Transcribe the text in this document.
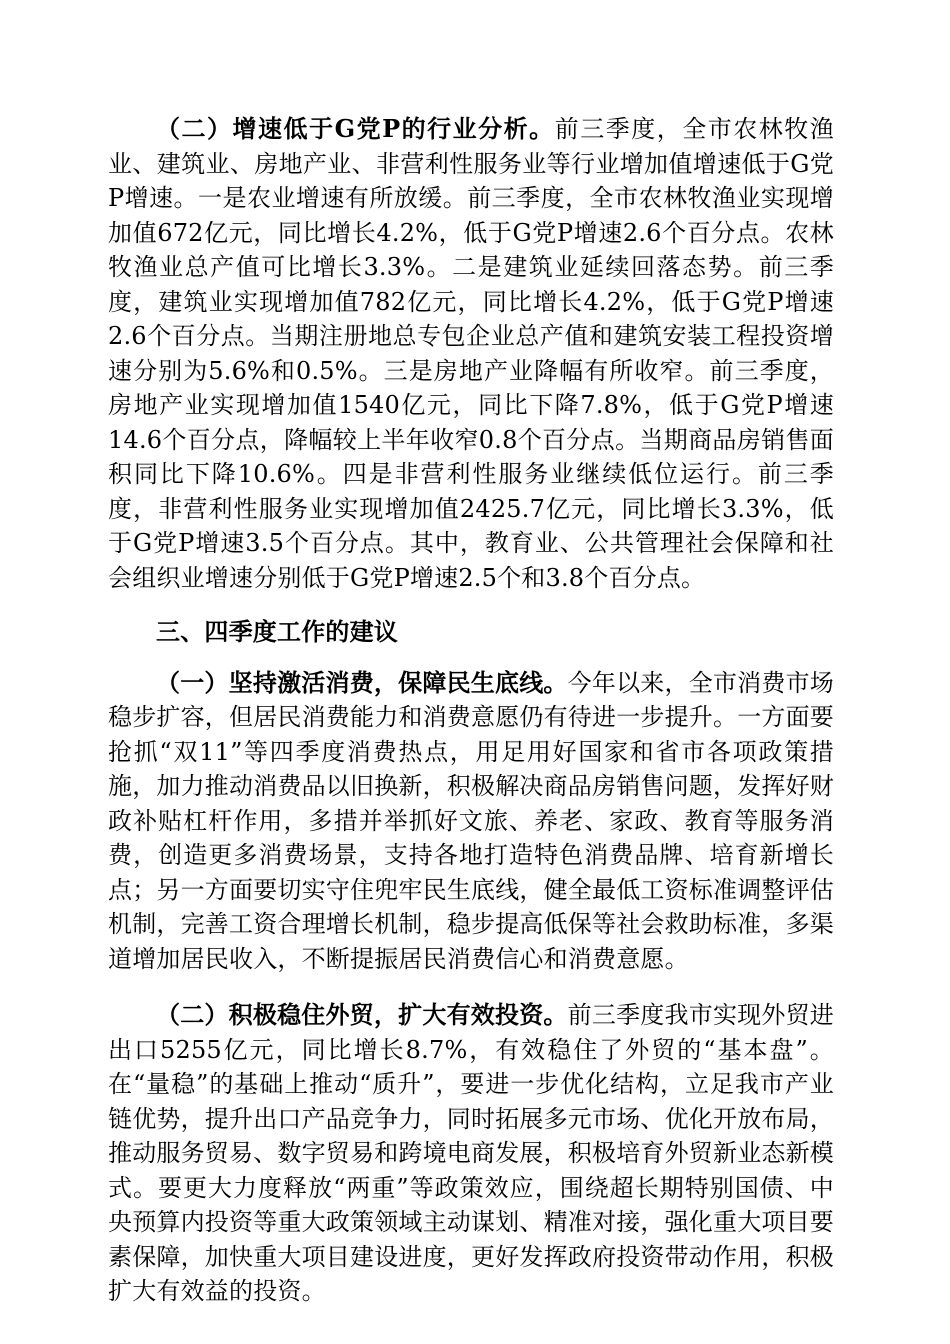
（二）增速低于G党P的行业分析。前三季度，全市农林牧渔业、建筑业、房地产业、非营利性服务业等行业增加值增速低于G党P增速。一是农业增速有所放缓。前三季度，全市农林牧渔业实现增加值672亿元，同比增长4.2%，低于G党P增速2.6个百分点。农林牧渔业总产值可比增长3.3%。二是建筑业延续回落态势。前三季度，建筑业实现增加值782亿元，同比增长4.2%，低于G党P增速2.6个百分点。当期注册地总专包企业总产值和建筑安装工程投资增速分别为5.6%和0.5%。三是房地产业降幅有所收窄。前三季度，房地产业实现增加值1540亿元，同比下降7.8%，低于G党P增速14.6个百分点，降幅较上半年收窄0.8个百分点。当期商品房销售面积同比下降10.6%。四是非营利性服务业继续低位运行。前三季度，非营利性服务业实现增加值2425.7亿元，同比增长3.3%，低于G党P增速3.5个百分点。其中，教育业、公共管理社会保障和社会组织业增速分别低于G党P增速2.5个和3.8个百分点。

三、四季度工作的建议

（一）坚持激活消费，保障民生底线。今年以来，全市消费市场稳步扩容，但居民消费能力和消费意愿仍有待进一步提升。一方面要抢抓“双11”等四季度消费热点，用足用好国家和省市各项政策措施，加力推动消费品以旧换新，积极解决商品房销售问题，发挥好财政补贴杠杆作用，多措并举抓好文旅、养老、家政、教育等服务消费，创造更多消费场景，支持各地打造特色消费品牌、培育新增长点；另一方面要切实守住兜牢民生底线，健全最低工资标准调整评估机制，完善工资合理增长机制，稳步提高低保等社会救助标准，多渠道增加居民收入，不断提振居民消费信心和消费意愿。

（二）积极稳住外贸，扩大有效投资。前三季度我市实现外贸进出口5255亿元，同比增长8.7%，有效稳住了外贸的“基本盘”。在“量稳”的基础上推动“质升”，要进一步优化结构，立足我市产业链优势，提升出口产品竞争力，同时拓展多元市场、优化开放布局，推动服务贸易、数字贸易和跨境电商发展，积极培育外贸新业态新模式。要更大力度释放“两重”等政策效应，围绕超长期特别国债、中央预算内投资等重大政策领域主动谋划、精准对接，强化重大项目要素保障，加快重大项目建设进度，更好发挥政府投资带动作用，积极扩大有效益的投资。
